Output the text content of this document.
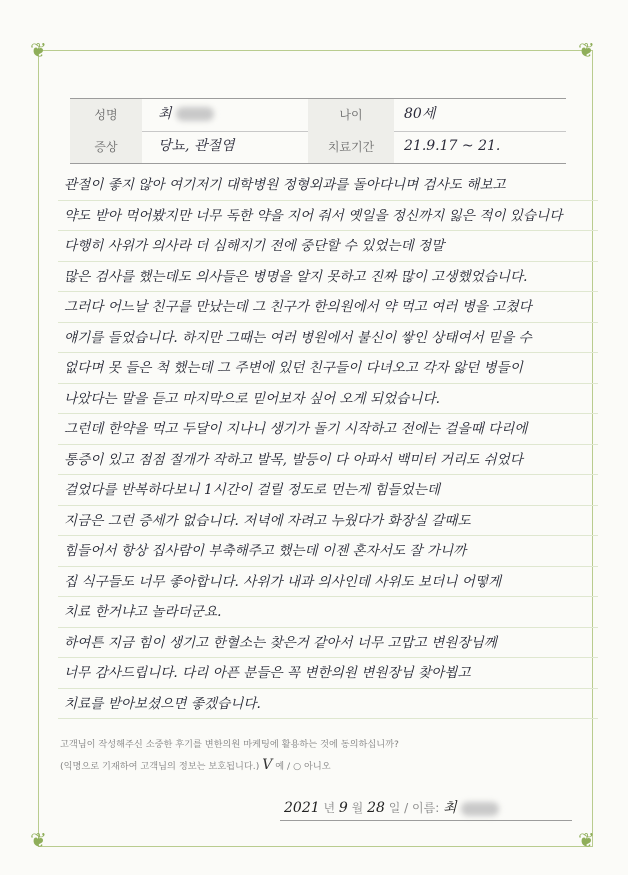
❦	❦
❦	❦
성명	최	나이	80세
증상	당뇨, 관절염	치료기간	21.9.17 ~ 21.

관절이 좋지 않아 여기저기 대학병원 정형외과를 돌아다니며 검사도 해보고

약도 받아 먹어봤지만 너무 독한 약을 지어 줘서 옛일을 정신까지 잃은 적이 있습니다

다행히 사위가 의사라 더 심해지기 전에 중단할 수 있었는데 정말

많은 검사를 했는데도 의사들은 병명을 알지 못하고 진짜 많이 고생했었습니다.

그러다 어느날 친구를 만났는데 그 친구가 한의원에서 약 먹고 여러 병을 고쳤다

얘기를 들었습니다. 하지만 그때는 여러 병원에서 불신이 쌓인 상태여서 믿을 수

없다며 못 들은 척 했는데 그 주변에 있던 친구들이 다녀오고 각자 앓던 병들이

나았다는 말을 듣고 마지막으로 믿어보자 싶어 오게 되었습니다.

그런데 한약을 먹고 두달이 지나니 생기가 돌기 시작하고 전에는 걸을때 다리에

통증이 있고 점점 절개가 작하고 발목, 발등이 다 아파서 백미터 거리도 쉬었다

걸었다를 반복하다보니 1시간이 걸릴 정도로 먼는게 힘들었는데

지금은 그런 증세가 없습니다. 저녁에 자려고 누웠다가 화장실 갈때도

힘들어서 항상 집사람이 부축해주고 했는데 이젠 혼자서도 잘 가니까

집 식구들도 너무 좋아합니다. 사위가 내과 의사인데 사위도 보더니 어떻게

치료 한거냐고 놀라더군요.

하여튼 지금 힘이 생기고 한혈소는 찾은거 같아서 너무 고맙고 변원장님께

너무 감사드립니다. 다리 아픈 분들은 꼭 변한의원 변원장님 찾아뵙고

치료를 받아보셨으면 좋겠습니다.

고객님이 작성해주신 소중한 후기를 변한의원 마케팅에 활용하는 것에 동의하십니까?
(익명으로 기재하여 고객님의 정보는 보호됩니다.) V 예 / ○ 아니오
2021 년 9 월 28 일 / 이름: 최
